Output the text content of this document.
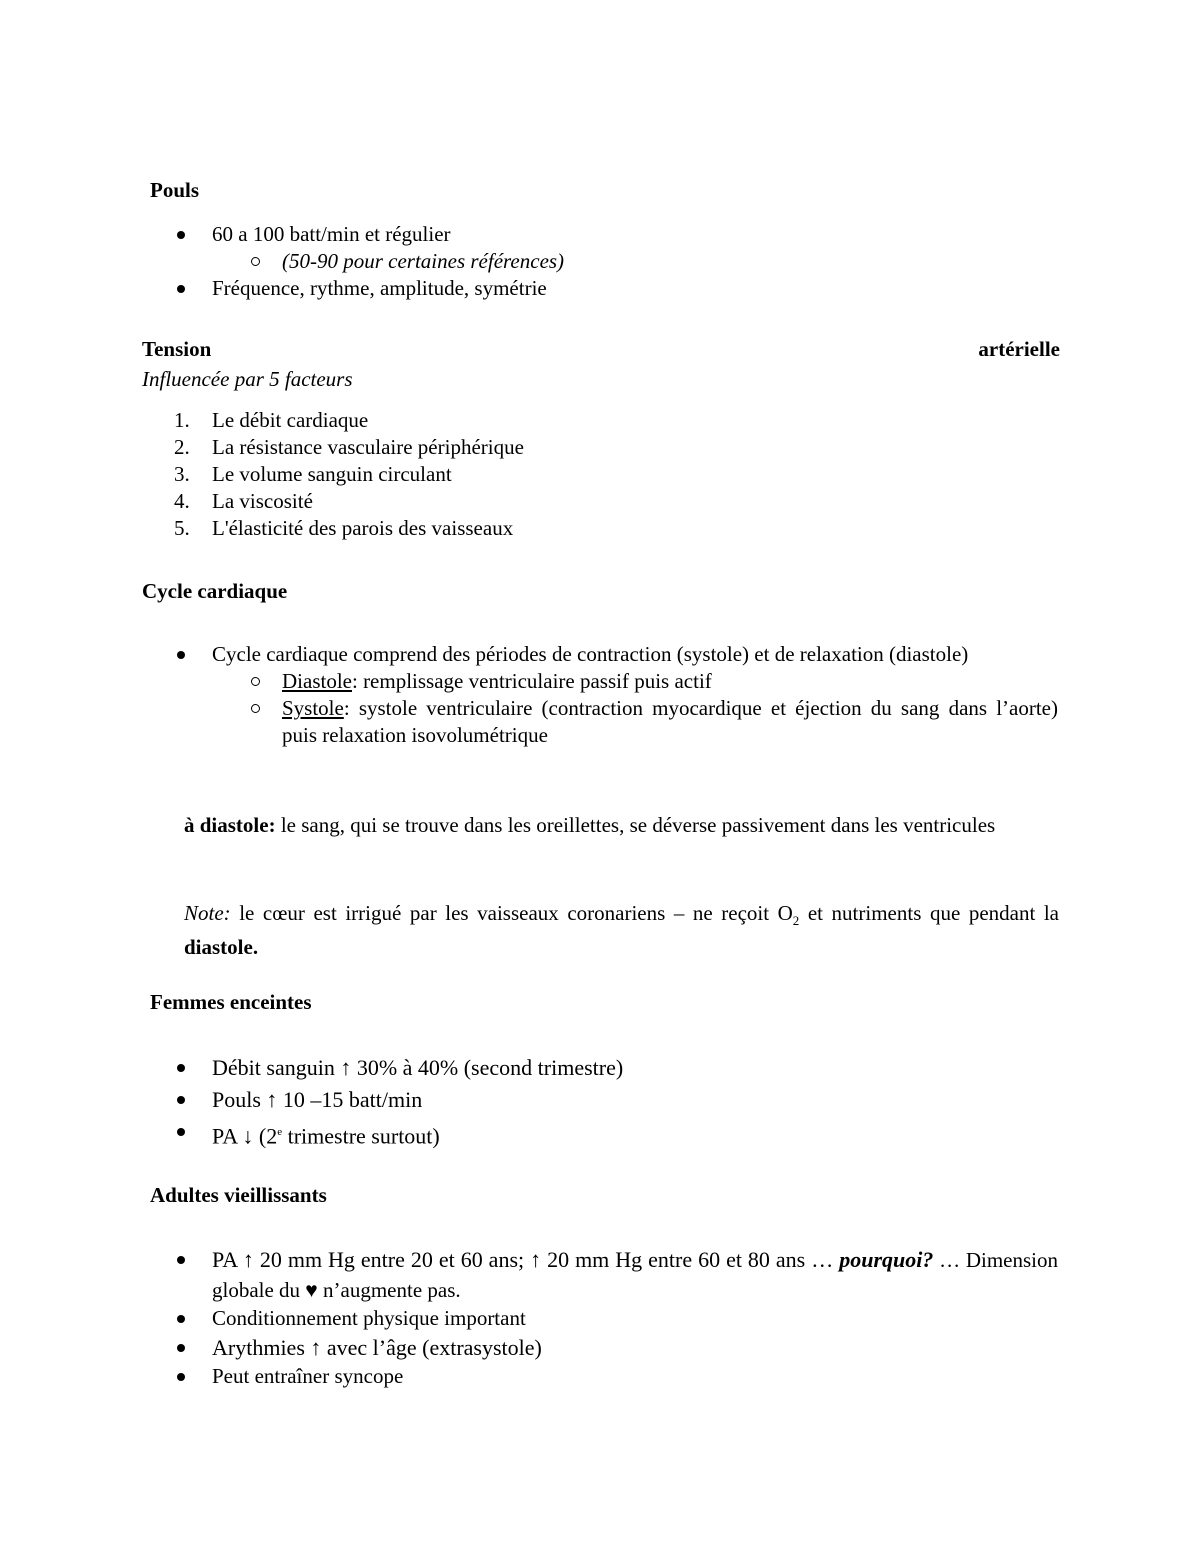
Pouls
60 a 100 batt/min et régulier
(50-90 pour certaines références)
Fréquence, rythme, amplitude, symétrie
Tension	artérielle
Influencée par 5 facteurs
1. Le débit cardiaque
2. La résistance vasculaire périphérique
3. Le volume sanguin circulant
4. La viscosité
5. L'élasticité des parois des vaisseaux
Cycle cardiaque
Cycle cardiaque comprend des périodes de contraction (systole) et de relaxation (diastole)
Diastole: remplissage ventriculaire passif puis actif
Systole: systole ventriculaire (contraction myocardique et éjection du sang dans l’aorte) puis relaxation isovolumétrique
à diastole: le sang, qui se trouve dans les oreillettes, se déverse passivement dans les ventricules
Note: le cœur est irrigué par les vaisseaux coronariens – ne reçoit $O_2$ et nutriments que pendant la diastole.
Femmes enceintes
Débit sanguin ↑ 30% à 40% (second trimestre)
Pouls ↑ 10 –15 batt/min
PA ↓ (2e trimestre surtout)
Adultes vieillissants
PA ↑ 20 mm Hg entre 20 et 60 ans; ↑ 20 mm Hg entre 60 et 80 ans … pourquoi? … Dimension globale du ♥ n’augmente pas.
Conditionnement physique important
Arythmies ↑ avec l’âge (extrasystole)
Peut entraîner syncope
